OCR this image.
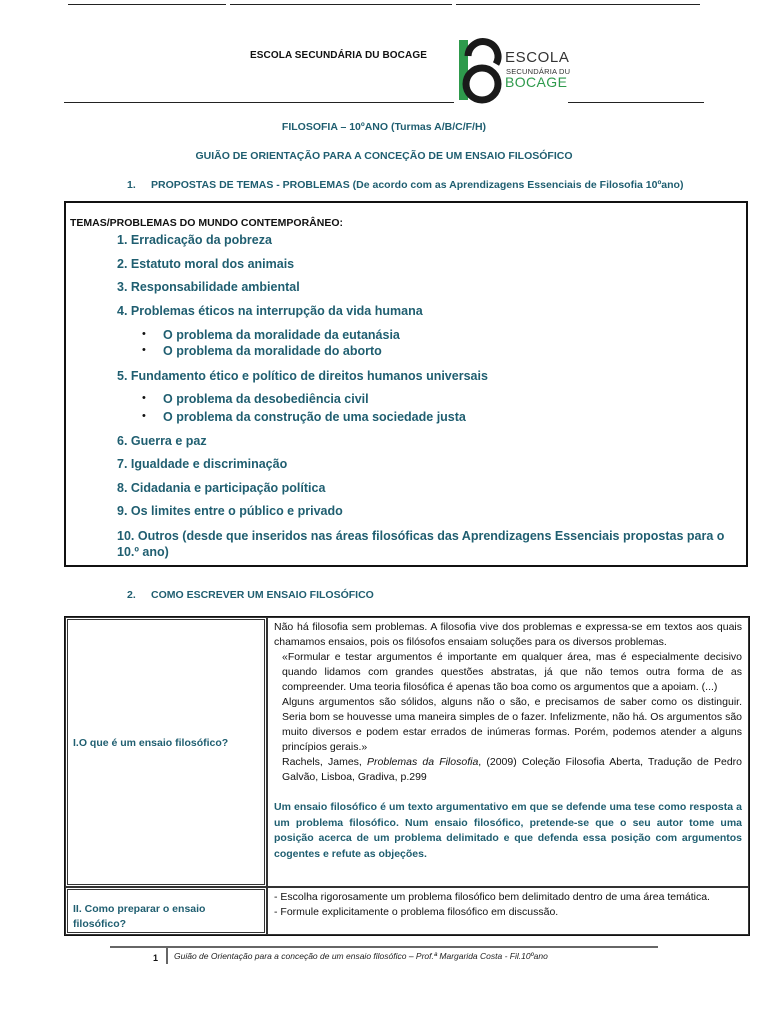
ESCOLA SECUNDÁRIA DU BOCAGE	ESCOLA
SECUNDÁRIA DU
BOCAGE
FILOSOFIA – 10ºANO (Turmas A/B/C/F/H)
GUIÃO DE ORIENTAÇÃO PARA A CONCEÇÃO DE UM ENSAIO FILOSÓFICO
1. PROPOSTAS DE TEMAS - PROBLEMAS (De acordo com as Aprendizagens Essenciais de Filosofia 10ºano)
TEMAS/PROBLEMAS DO MUNDO CONTEMPORÂNEO:
1. Erradicação da pobreza
2. Estatuto moral dos animais
3. Responsabilidade ambiental
4. Problemas éticos na interrupção da vida humana
• O problema da moralidade da eutanásia
• O problema da moralidade do aborto
5. Fundamento ético e político de direitos humanos universais
• O problema da desobediência civil
• O problema da construção de uma sociedade justa
6. Guerra e paz
7. Igualdade e discriminação
8. Cidadania e participação política
9. Os limites entre o público e privado
10. Outros (desde que inseridos nas áreas filosóficas das Aprendizagens Essenciais propostas para o 10.º ano)
2. COMO ESCREVER UM ENSAIO FILOSÓFICO
I.O que é um ensaio filosófico?
Não há filosofia sem problemas. A filosofia vive dos problemas e expressa-se em textos aos quais chamamos ensaios, pois os filósofos ensaiam soluções para os diversos problemas.
«Formular e testar argumentos é importante em qualquer área, mas é especialmente decisivo quando lidamos com grandes questões abstratas, já que não temos outra forma de as compreender. Uma teoria filosófica é apenas tão boa como os argumentos que a apoiam. (...)
Alguns argumentos são sólidos, alguns não o são, e precisamos de saber como os distinguir. Seria bom se houvesse uma maneira simples de o fazer. Infelizmente, não há. Os argumentos são muito diversos e podem estar errados de inúmeras formas. Porém, podemos atender a alguns princípios gerais.»
Rachels, James, Problemas da Filosofia, (2009) Coleção Filosofia Aberta, Tradução de Pedro Galvão, Lisboa, Gradiva, p.299
Um ensaio filosófico é um texto argumentativo em que se defende uma tese como resposta a um problema filosófico. Num ensaio filosófico, pretende-se que o seu autor tome uma posição acerca de um problema delimitado e que defenda essa posição com argumentos cogentes e refute as objeções.
II. Como preparar o ensaio filosófico?
- Escolha rigorosamente um problema filosófico bem delimitado dentro de uma área temática.
- Formule explicitamente o problema filosófico em discussão.
1 Guião de Orientação para a conceção de um ensaio filosófico – Prof.ª Margarida Costa - Fil.10ºano
